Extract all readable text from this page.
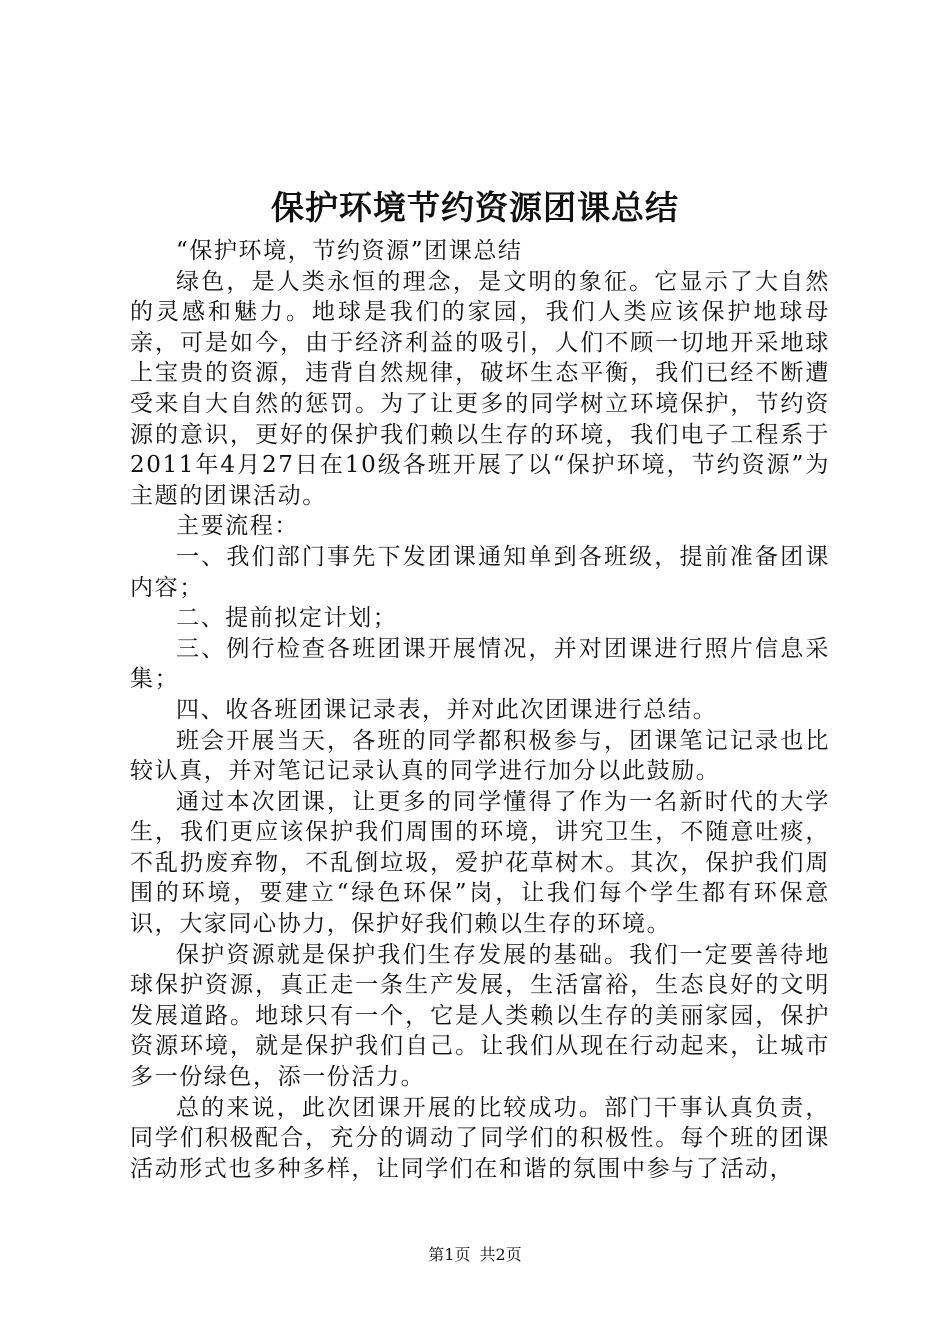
保护环境节约资源团课总结

“保护环境，节约资源”团课总结

绿色，是人类永恒的理念，是文明的象征。它显示了大自然的灵感和魅力。地球是我们的家园，我们人类应该保护地球母亲，可是如今，由于经济利益的吸引，人们不顾一切地开采地球上宝贵的资源，违背自然规律，破坏生态平衡，我们已经不断遭受来自大自然的惩罚。为了让更多的同学树立环境保护，节约资源的意识，更好的保护我们赖以生存的环境，我们电子工程系于2011年4月27日在10级各班开展了以“保护环境，节约资源”为主题的团课活动。

主要流程：

一、我们部门事先下发团课通知单到各班级，提前准备团课内容；

二、提前拟定计划；

三、例行检查各班团课开展情况，并对团课进行照片信息采集；

四、收各班团课记录表，并对此次团课进行总结。

班会开展当天，各班的同学都积极参与，团课笔记记录也比较认真，并对笔记记录认真的同学进行加分以此鼓励。

通过本次团课，让更多的同学懂得了作为一名新时代的大学生，我们更应该保护我们周围的环境，讲究卫生，不随意吐痰，不乱扔废弃物，不乱倒垃圾，爱护花草树木。其次，保护我们周围的环境，要建立“绿色环保”岗，让我们每个学生都有环保意识，大家同心协力，保护好我们赖以生存的环境。

保护资源就是保护我们生存发展的基础。我们一定要善待地球保护资源，真正走一条生产发展，生活富裕，生态良好的文明发展道路。地球只有一个，它是人类赖以生存的美丽家园，保护资源环境，就是保护我们自己。让我们从现在行动起来，让城市多一份绿色，添一份活力。

总的来说，此次团课开展的比较成功。部门干事认真负责，同学们积极配合，充分的调动了同学们的积极性。每个班的团课活动形式也多种多样，让同学们在和谐的氛围中参与了活动，

第1页 共2页
